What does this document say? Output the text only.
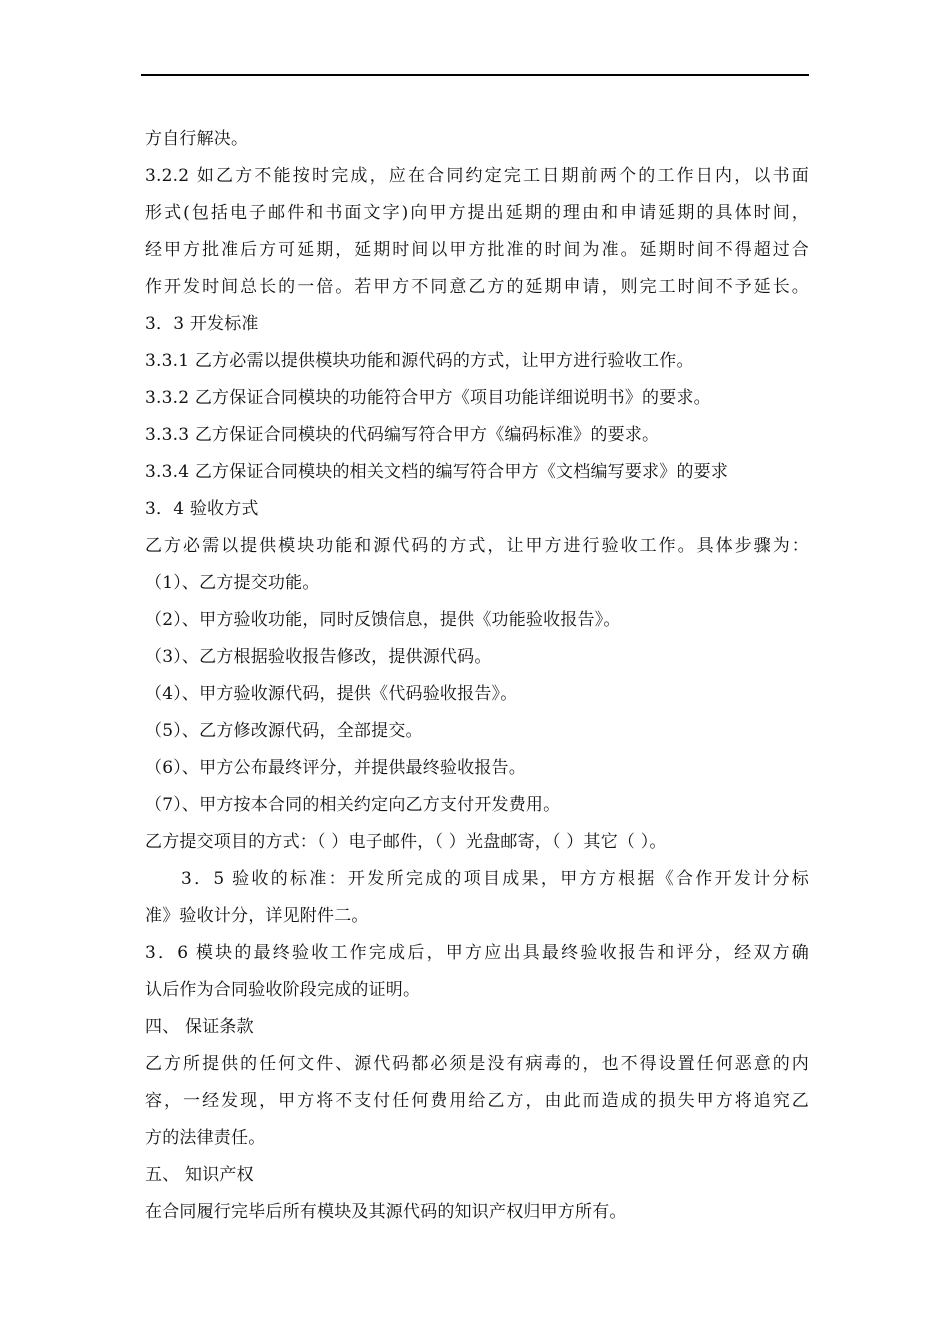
方自行解决。
3.2.2 如乙方不能按时完成，应在合同约定完工日期前两个的工作日内，以书面
形式(包括电子邮件和书面文字)向甲方提出延期的理由和申请延期的具体时间，
经甲方批准后方可延期，延期时间以甲方批准的时间为准。延期时间不得超过合
作开发时间总长的一倍。若甲方不同意乙方的延期申请，则完工时间不予延长。
3．3 开发标准
3.3.1 乙方必需以提供模块功能和源代码的方式，让甲方进行验收工作。
3.3.2 乙方保证合同模块的功能符合甲方《项目功能详细说明书》的要求。
3.3.3 乙方保证合同模块的代码编写符合甲方《编码标准》的要求。
3.3.4 乙方保证合同模块的相关文档的编写符合甲方《文档编写要求》的要求
3．4 验收方式
乙方必需以提供模块功能和源代码的方式，让甲方进行验收工作。具体步骤为：
（1）、乙方提交功能。
（2）、甲方验收功能，同时反馈信息，提供《功能验收报告》。
（3）、乙方根据验收报告修改，提供源代码。
（4）、甲方验收源代码，提供《代码验收报告》。
（5）、乙方修改源代码，全部提交。
（6）、甲方公布最终评分，并提供最终验收报告。
（7）、甲方按本合同的相关约定向乙方支付开发费用。
乙方提交项目的方式：（ ）电子邮件，（ ）光盘邮寄，（ ）其它（ ）。
3．5 验收的标准：开发所完成的项目成果，甲方方根据《合作开发计分标
准》验收计分，详见附件二。
3．6 模块的最终验收工作完成后，甲方应出具最终验收报告和评分，经双方确
认后作为合同验收阶段完成的证明。
四、 保证条款
乙方所提供的任何文件、源代码都必须是没有病毒的，也不得设置任何恶意的内
容，一经发现，甲方将不支付任何费用给乙方，由此而造成的损失甲方将追究乙
方的法律责任。
五、 知识产权
在合同履行完毕后所有模块及其源代码的知识产权归甲方所有。
